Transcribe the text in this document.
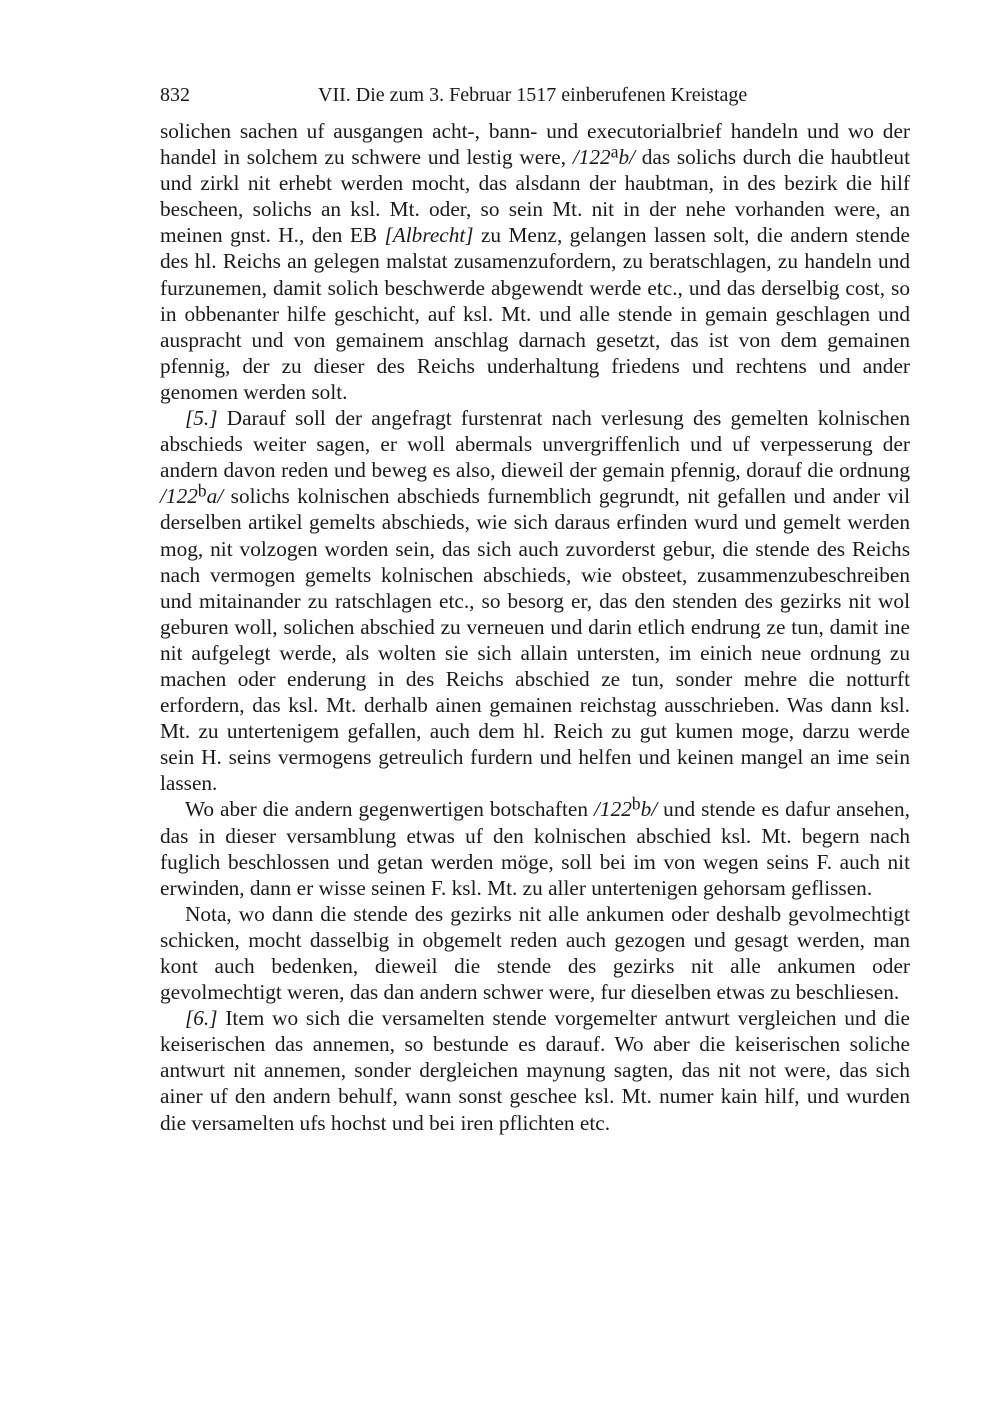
832	VII. Die zum 3. Februar 1517 einberufenen Kreistage

solichen sachen uf ausgangen acht-, bann- und executorialbrief handeln und wo der handel in solchem zu schwere und lestig were, /122$^a$b/ das solichs durch die haubtleut und zirkl nit erhebt werden mocht, das alsdann der haubtman, in des bezirk die hilf bescheen, solichs an ksl. Mt. oder, so sein Mt. nit in der nehe vorhanden were, an meinen gnst. H., den EB [Albrecht] zu Menz, gelangen lassen solt, die andern stende des hl. Reichs an gelegen malstat zusamenzufordern, zu beratschlagen, zu handeln und furzunemen, damit solich beschwerde abgewendt werde etc., und das derselbig cost, so in obbenanter hilfe geschicht, auf ksl. Mt. und alle stende in gemain geschlagen und auspracht und von gemainem anschlag darnach gesetzt, das ist von dem gemainen pfennig, der zu dieser des Reichs underhaltung friedens und rechtens und ander genomen werden solt.

[5.] Darauf soll der angefragt furstenrat nach verlesung des gemelten kolnischen abschieds weiter sagen, er woll abermals unvergriffenlich und uf verpesserung der andern davon reden und beweg es also, dieweil der gemain pfennig, dorauf die ordnung /122$^b$a/ solichs kolnischen abschieds furnemblich gegrundt, nit gefallen und ander vil derselben artikel gemelts abschieds, wie sich daraus erfinden wurd und gemelt werden mog, nit volzogen worden sein, das sich auch zuvorderst gebur, die stende des Reichs nach vermogen gemelts kolnischen abschieds, wie obsteet, zusammenzubeschreiben und mitainander zu ratschlagen etc., so besorg er, das den stenden des gezirks nit wol geburen woll, solichen abschied zu verneuen und darin etlich endrung ze tun, damit ine nit aufgelegt werde, als wolten sie sich allain untersten, im einich neue ordnung zu machen oder enderung in des Reichs abschied ze tun, sonder mehre die notturft erfordern, das ksl. Mt. derhalb ainen gemainen reichstag ausschrieben. Was dann ksl. Mt. zu untertenigem gefallen, auch dem hl. Reich zu gut kumen moge, darzu werde sein H. seins vermogens getreulich furdern und helfen und keinen mangel an ime sein lassen.

Wo aber die andern gegenwertigen botschaften /122$^b$b/ und stende es dafur ansehen, das in dieser versamblung etwas uf den kolnischen abschied ksl. Mt. begern nach fuglich beschlossen und getan werden möge, soll bei im von wegen seins F. auch nit erwinden, dann er wisse seinen F. ksl. Mt. zu aller untertenigen gehorsam geflissen.

Nota, wo dann die stende des gezirks nit alle ankumen oder deshalb gevolmechtigt schicken, mocht dasselbig in obgemelt reden auch gezogen und gesagt werden, man kont auch bedenken, dieweil die stende des gezirks nit alle ankumen oder gevolmechtigt weren, das dan andern schwer were, fur dieselben etwas zu beschliesen.

[6.] Item wo sich die versamelten stende vorgemelter antwurt vergleichen und die keiserischen das annemen, so bestunde es darauf. Wo aber die keiserischen soliche antwurt nit annemen, sonder dergleichen maynung sagten, das nit not were, das sich ainer uf den andern behulf, wann sonst geschee ksl. Mt. numer kain hilf, und wurden die versamelten ufs hochst und bei iren pflichten etc.
